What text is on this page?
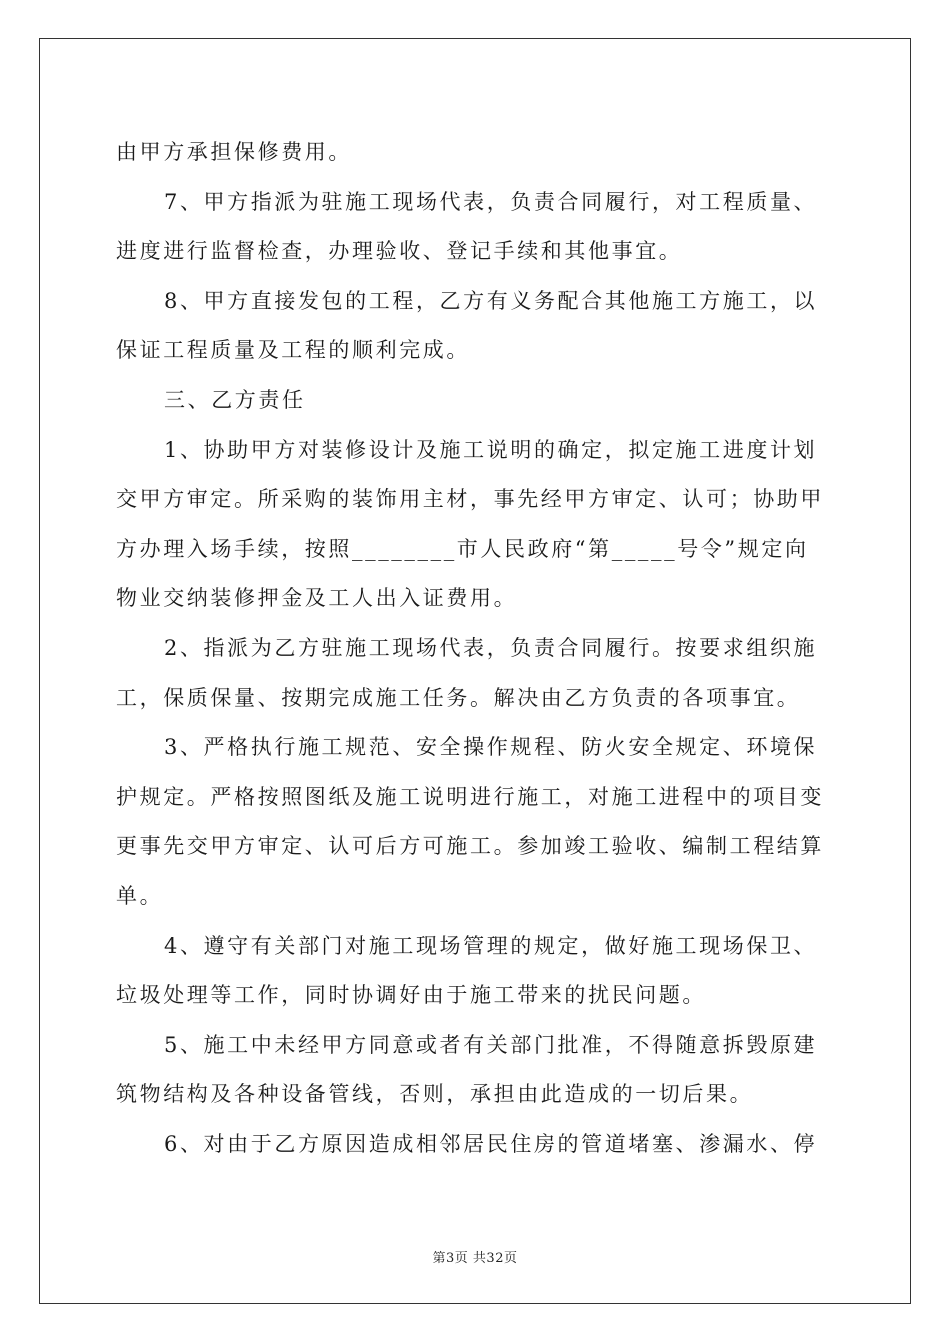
由甲方承担保修费用。
7、甲方指派为驻施工现场代表，负责合同履行，对工程质量、
进度进行监督检查，办理验收、登记手续和其他事宜。
8、甲方直接发包的工程，乙方有义务配合其他施工方施工，以
保证工程质量及工程的顺利完成。
三、乙方责任
1、协助甲方对装修设计及施工说明的确定，拟定施工进度计划
交甲方审定。所采购的装饰用主材，事先经甲方审定、认可；协助甲
方办理入场手续，按照________市人民政府“第_____号令”规定向
物业交纳装修押金及工人出入证费用。
2、指派为乙方驻施工现场代表，负责合同履行。按要求组织施
工，保质保量、按期完成施工任务。解决由乙方负责的各项事宜。
3、严格执行施工规范、安全操作规程、防火安全规定、环境保
护规定。严格按照图纸及施工说明进行施工，对施工进程中的项目变
更事先交甲方审定、认可后方可施工。参加竣工验收、编制工程结算
单。
4、遵守有关部门对施工现场管理的规定，做好施工现场保卫、
垃圾处理等工作，同时协调好由于施工带来的扰民问题。
5、施工中未经甲方同意或者有关部门批准，不得随意拆毁原建
筑物结构及各种设备管线，否则，承担由此造成的一切后果。
6、对由于乙方原因造成相邻居民住房的管道堵塞、渗漏水、停
第3页 共32页
